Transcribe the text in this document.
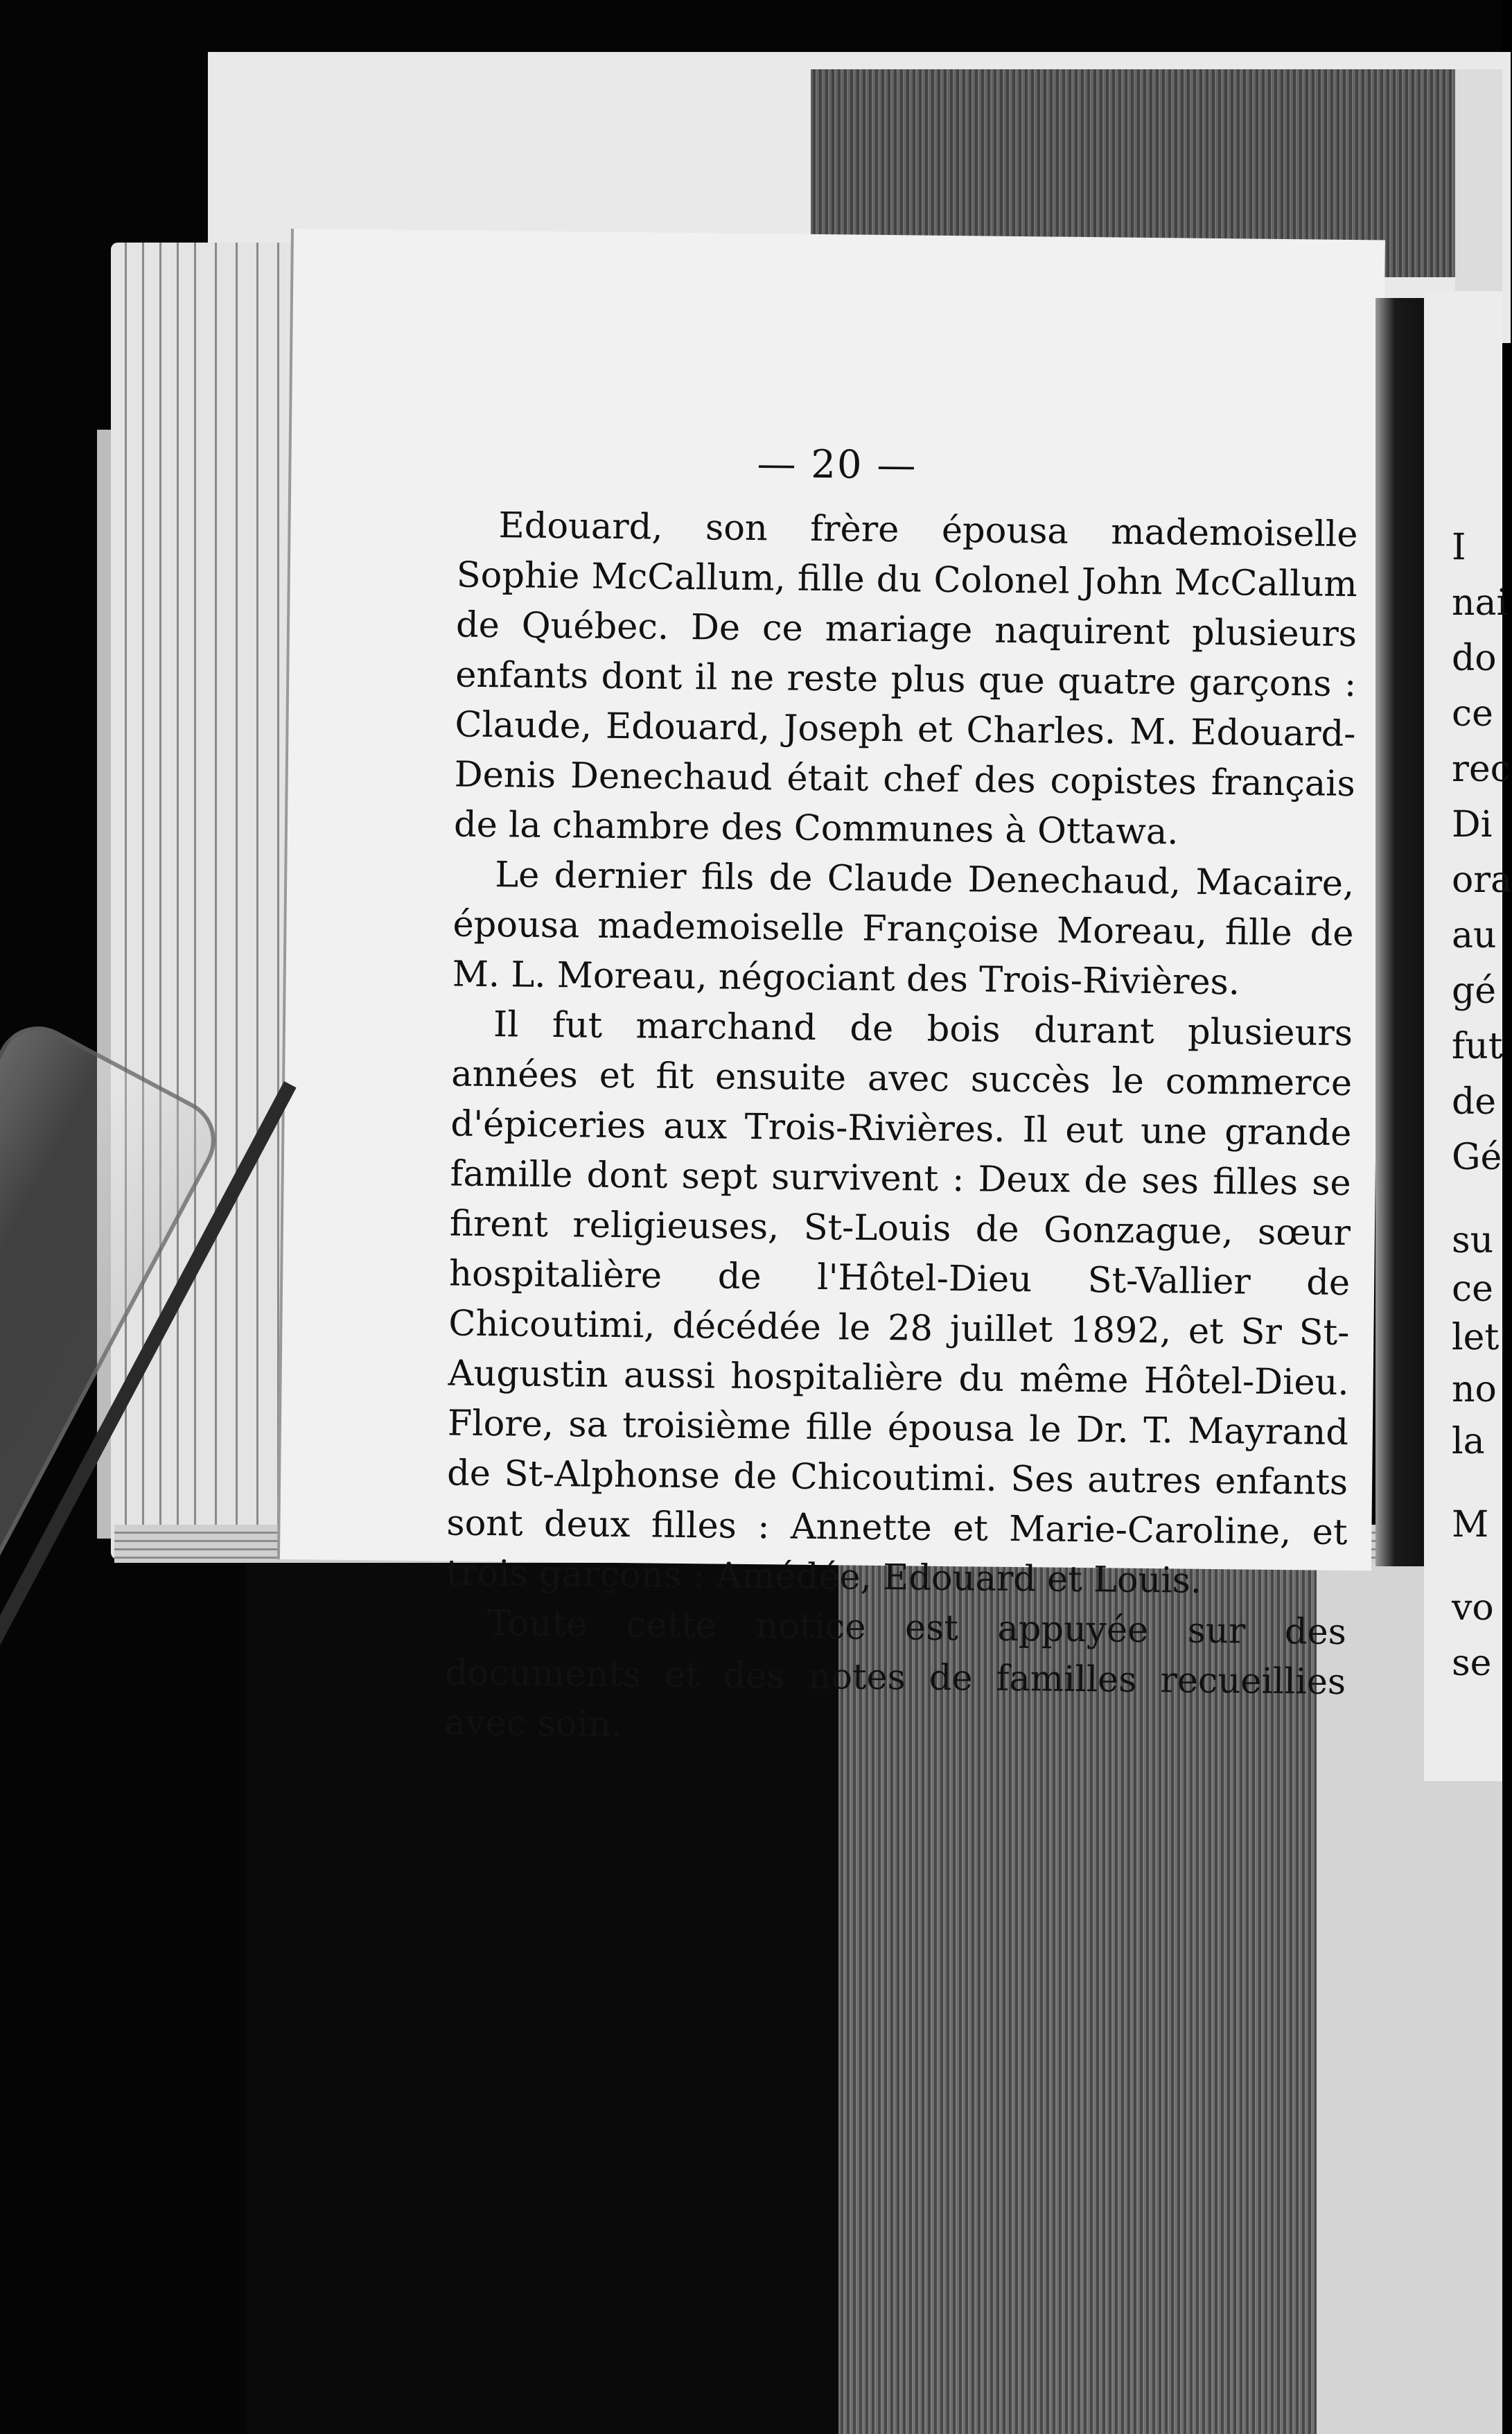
— 20 —

Edouard, son frère épousa mademoiselle Sophie McCallum, fille du Colonel John McCallum de Québec. De ce mariage naquirent plusieurs enfants dont il ne reste plus que quatre garçons : Claude, Edouard, Joseph et Charles. M. Edouard-Denis Denechaud était chef des copistes français de la chambre des Communes à Ottawa.

Le dernier fils de Claude Denechaud, Macaire, épousa mademoiselle Françoise Moreau, fille de M. L. Moreau, négociant des Trois-Rivières.

Il fut marchand de bois durant plusieurs années et fit ensuite avec succès le commerce d'épiceries aux Trois-Rivières. Il eut une grande famille dont sept survivent : Deux de ses filles se firent religieuses, St-Louis de Gonzague, sœur hospitalière de l'Hôtel-Dieu St-Vallier de Chicoutimi, décédée le 28 juillet 1892, et Sr St-Augustin aussi hospitalière du même Hôtel-Dieu. Flore, sa troisième fille épousa le Dr. T. Mayrand de St-Alphonse de Chicoutimi. Ses autres enfants sont deux filles : Annette et Marie-Caroline, et trois garçons : Amédée, Edouard et Louis.

Toute cette notice est appuyée sur des documents et des notes de familles recueillies avec soin.

I
nai
do
ce
rec
Di
ora
au
gé
fut
de
Gé
su
ce
let
no
la
M
vo
se
